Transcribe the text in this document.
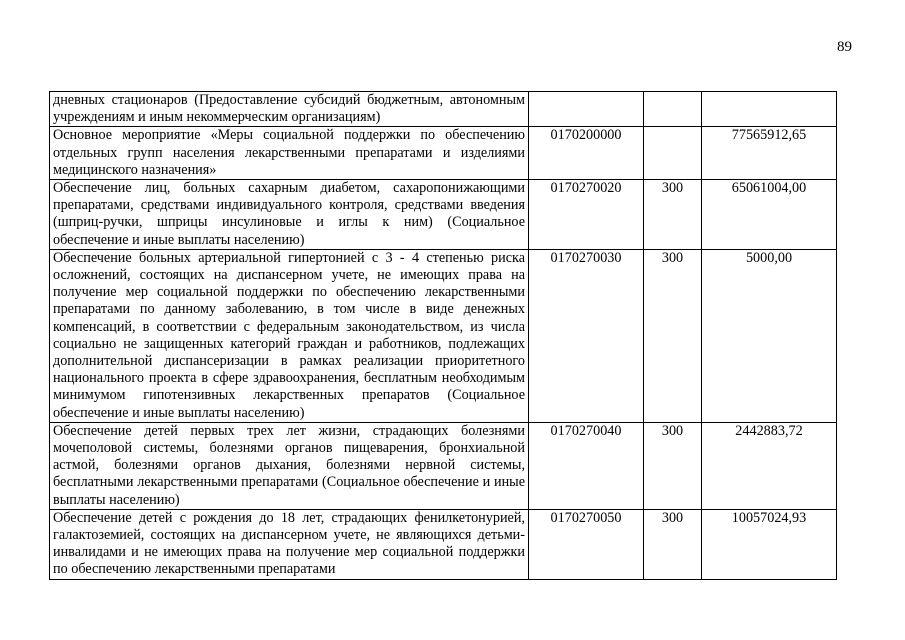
89
дневных стационаров (Предоставление субсидий бюджетным, автономным учреждениям и иным некоммерческим организациям)			
Основное мероприятие «Меры социальной поддержки по обеспечению отдельных групп населения лекарственными препаратами и изделиями медицинского назначения»	0170200000		77565912,65
Обеспечение лиц, больных сахарным диабетом, сахаропонижающими препаратами, средствами индивидуального контроля, средствами введения (шприц-ручки, шприцы инсулиновые и иглы к ним) (Социальное обеспечение и иные выплаты населению)	0170270020	300	65061004,00
Обеспечение больных артериальной гипертонией с 3 - 4 степенью риска осложнений, состоящих на диспансерном учете, не имеющих права на получение мер социальной поддержки по обеспечению лекарственными препаратами по данному заболеванию, в том числе в виде денежных компенсаций, в соответствии с федеральным законодательством, из числа социально не защищенных категорий граждан и работников, подлежащих дополнительной диспансеризации в рамках реализации приоритетного национального проекта в сфере здравоохранения, бесплатным необходимым минимумом гипотензивных лекарственных препаратов (Социальное обеспечение и иные выплаты населению)	0170270030	300	5000,00
Обеспечение детей первых трех лет жизни, страдающих болезнями мочеполовой системы, болезнями органов пищеварения, бронхиальной астмой, болезнями органов дыхания, болезнями нервной системы, бесплатными лекарственными препаратами (Социальное обеспечение и иные выплаты населению)	0170270040	300	2442883,72
Обеспечение детей с рождения до 18 лет, страдающих фенилкетонурией, галактоземией, состоящих на диспансерном учете, не являющихся детьми-инвалидами и не имеющих права на получение мер социальной поддержки по обеспечению лекарственными препаратами	0170270050	300	10057024,93
